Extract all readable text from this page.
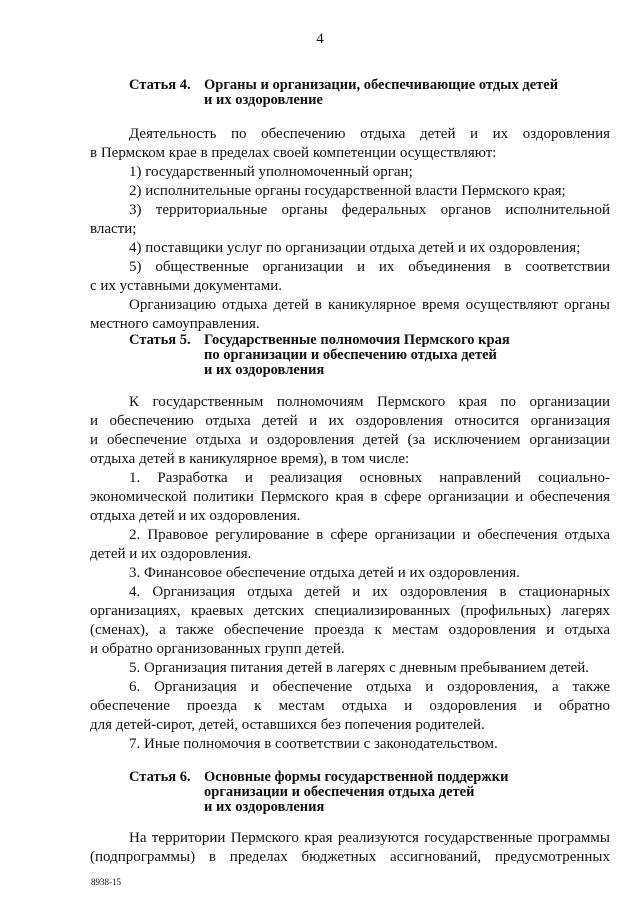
4
Статья 4. Органы и организации, обеспечивающие отдых детей
и их оздоровление
Деятельность по обеспечению отдыха детей и их оздоровления
в Пермском крае в пределах своей компетенции осуществляют:
1) государственный уполномоченный орган;
2) исполнительные органы государственной власти Пермского края;
3) территориальные органы федеральных органов исполнительной
власти;
4) поставщики услуг по организации отдыха детей и их оздоровления;
5) общественные организации и их объединения в соответствии
с их уставными документами.
Организацию отдыха детей в каникулярное время осуществляют органы
местного самоуправления.
Статья 5. Государственные полномочия Пермского края
по организации и обеспечению отдыха детей
и их оздоровления
К государственным полномочиям Пермского края по организации
и обеспечению отдыха детей и их оздоровления относится организация
и обеспечение отдыха и оздоровления детей (за исключением организации
отдыха детей в каникулярное время), в том числе:
1. Разработка и реализация основных направлений социально-
экономической политики Пермского края в сфере организации и обеспечения
отдыха детей и их оздоровления.
2. Правовое регулирование в сфере организации и обеспечения отдыха
детей и их оздоровления.
3. Финансовое обеспечение отдыха детей и их оздоровления.
4. Организация отдыха детей и их оздоровления в стационарных
организациях, краевых детских специализированных (профильных) лагерях
(сменах), а также обеспечение проезда к местам оздоровления и отдыха
и обратно организованных групп детей.
5. Организация питания детей в лагерях с дневным пребыванием детей.
6. Организация и обеспечение отдыха и оздоровления, а также
обеспечение проезда к местам отдыха и оздоровления и обратно
для детей-сирот, детей, оставшихся без попечения родителей.
7. Иные полномочия в соответствии с законодательством.
Статья 6. Основные формы государственной поддержки
организации и обеспечения отдыха детей
и их оздоровления
На территории Пермского края реализуются государственные программы
(подпрограммы) в пределах бюджетных ассигнований, предусмотренных
8938-15
